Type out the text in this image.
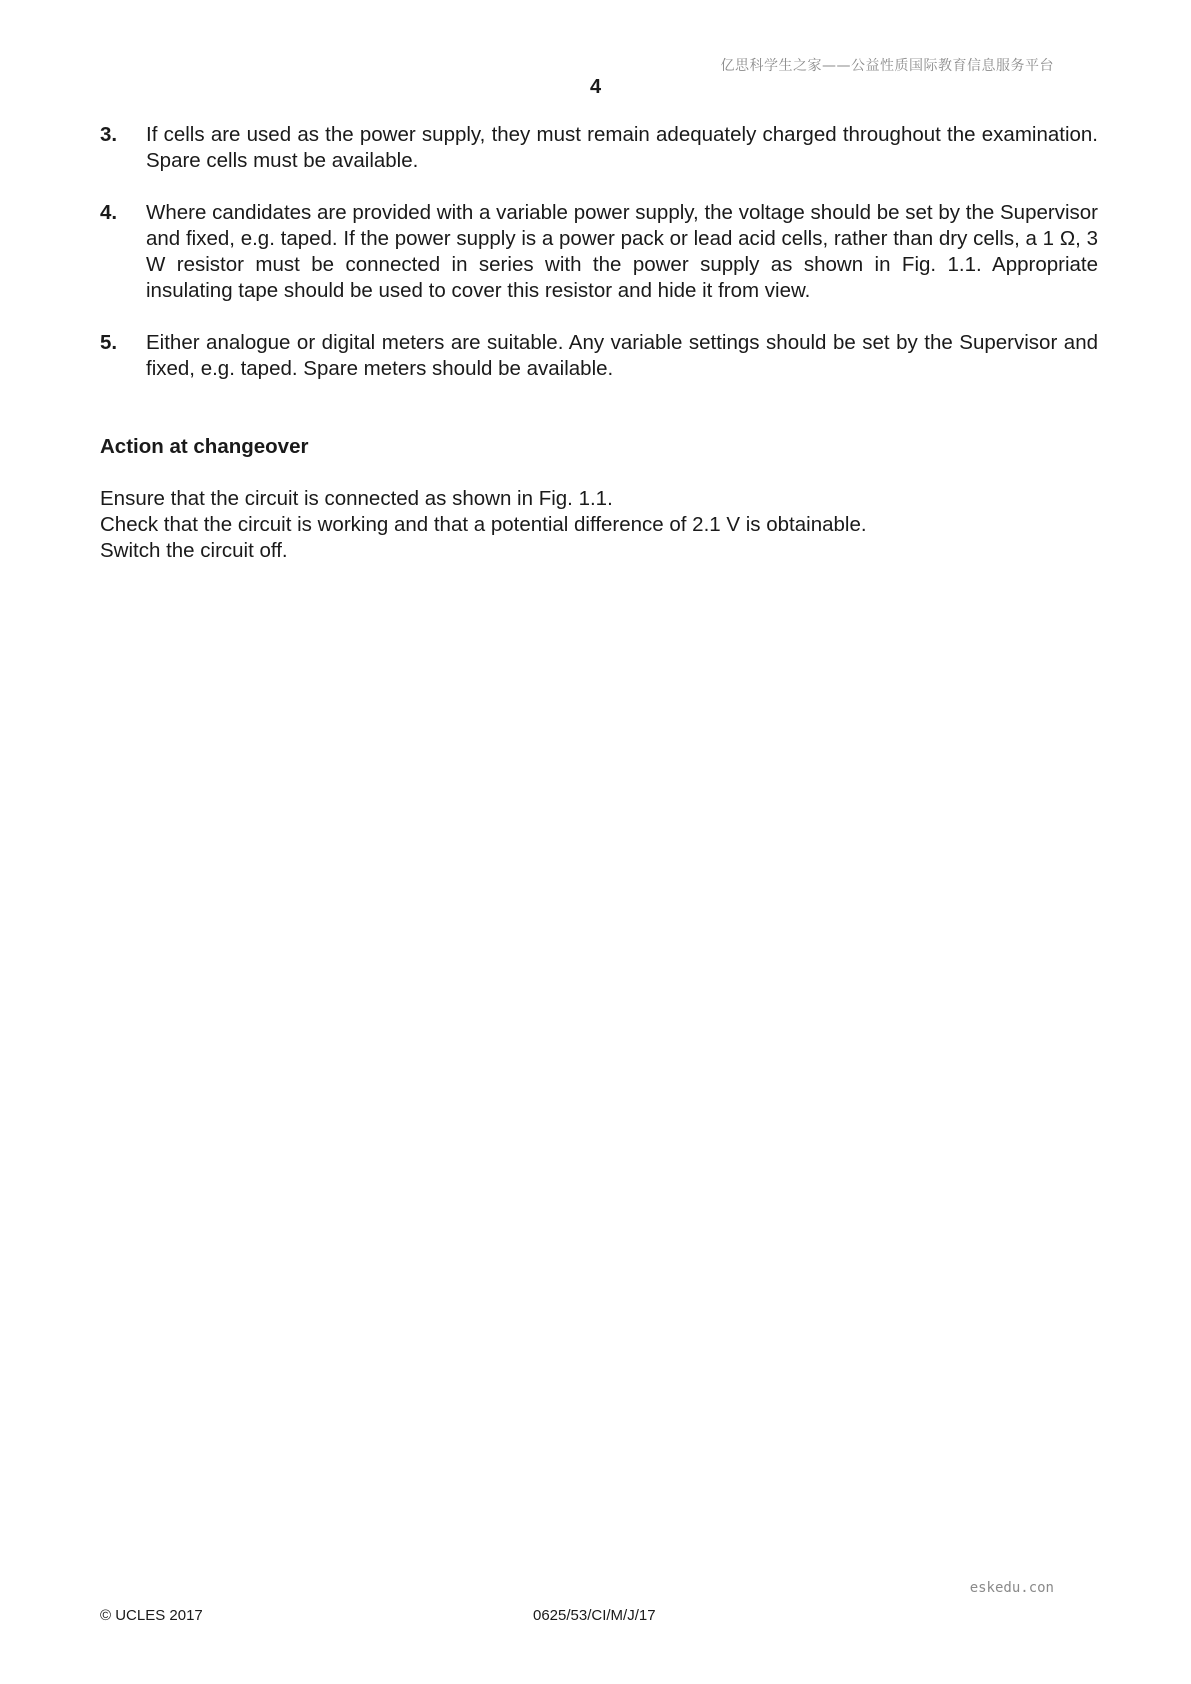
亿思科学生之家——公益性质国际教育信息服务平台
4
3.	If cells are used as the power supply, they must remain adequately charged throughout the examination. Spare cells must be available.
4.	Where candidates are provided with a variable power supply, the voltage should be set by the Supervisor and fixed, e.g. taped. If the power supply is a power pack or lead acid cells, rather than dry cells, a 1 Ω, 3 W resistor must be connected in series with the power supply as shown in Fig. 1.1. Appropriate insulating tape should be used to cover this resistor and hide it from view.
5.	Either analogue or digital meters are suitable. Any variable settings should be set by the Supervisor and fixed, e.g. taped. Spare meters should be available.
Action at changeover
Ensure that the circuit is connected as shown in Fig. 1.1.
Check that the circuit is working and that a potential difference of 2.1 V is obtainable.
Switch the circuit off.
eskedu.con
© UCLES 2017	0625/53/CI/M/J/17
